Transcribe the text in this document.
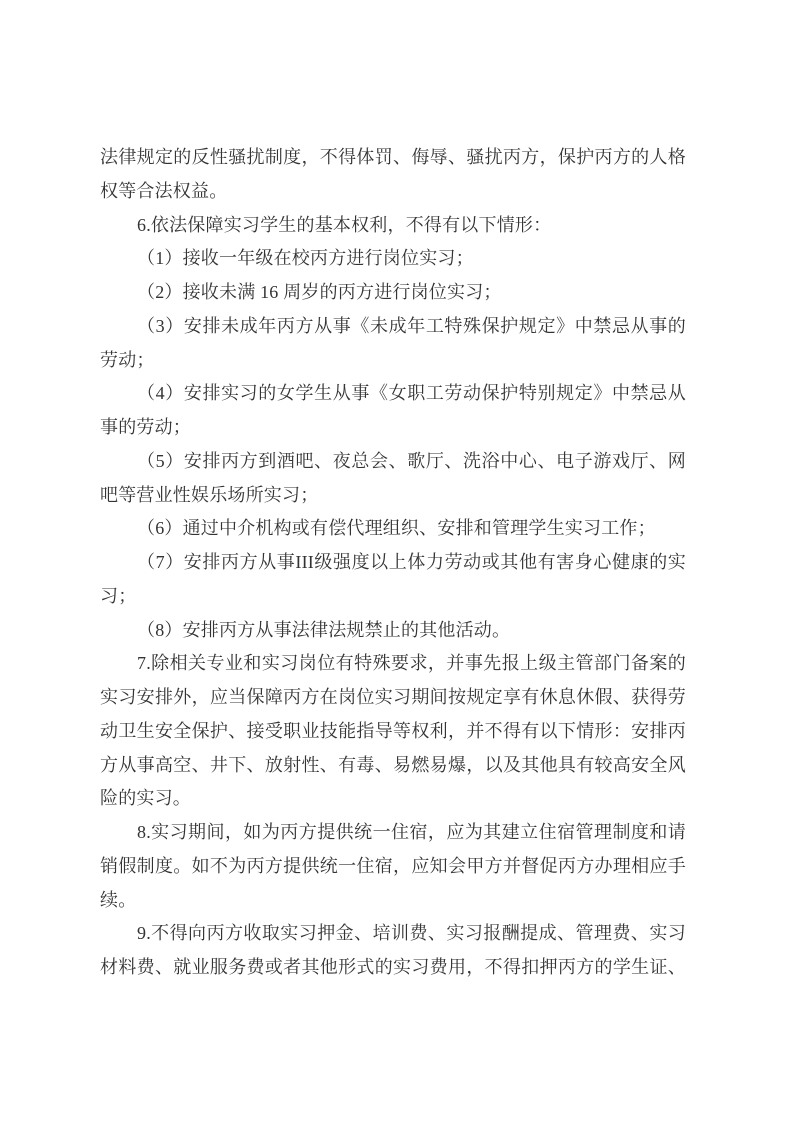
法律规定的反性骚扰制度，不得体罚、侮辱、骚扰丙方，保护丙方的人格
权等合法权益。
6.依法保障实习学生的基本权利，不得有以下情形：
（1）接收一年级在校丙方进行岗位实习；
（2）接收未满 16 周岁的丙方进行岗位实习；
（3）安排未成年丙方从事《未成年工特殊保护规定》中禁忌从事的
劳动；
（4）安排实习的女学生从事《女职工劳动保护特别规定》中禁忌从
事的劳动；
（5）安排丙方到酒吧、夜总会、歌厅、洗浴中心、电子游戏厅、网
吧等营业性娱乐场所实习；
（6）通过中介机构或有偿代理组织、安排和管理学生实习工作；
（7）安排丙方从事III级强度以上体力劳动或其他有害身心健康的实
习；
（8）安排丙方从事法律法规禁止的其他活动。
7.除相关专业和实习岗位有特殊要求，并事先报上级主管部门备案的
实习安排外，应当保障丙方在岗位实习期间按规定享有休息休假、获得劳
动卫生安全保护、接受职业技能指导等权利，并不得有以下情形：安排丙
方从事高空、井下、放射性、有毒、易燃易爆，以及其他具有较高安全风
险的实习。
8.实习期间，如为丙方提供统一住宿，应为其建立住宿管理制度和请
销假制度。如不为丙方提供统一住宿，应知会甲方并督促丙方办理相应手
续。
9.不得向丙方收取实习押金、培训费、实习报酬提成、管理费、实习
材料费、就业服务费或者其他形式的实习费用，不得扣押丙方的学生证、
